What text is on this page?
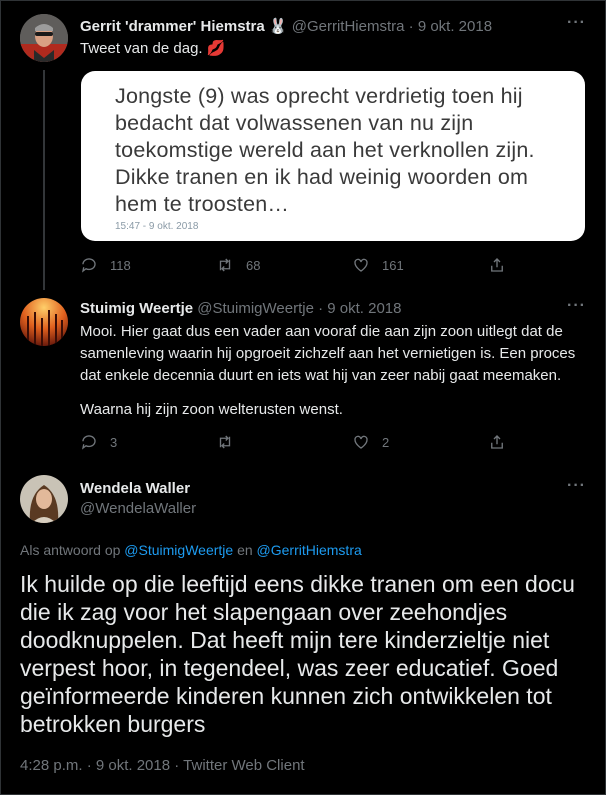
Gerrit 'drammer' Hiemstra 🐰 @GerritHiemstra · 9 okt. 2018	···
Tweet van de dag. 💋
Jongste (9) was oprecht verdrietig toen hij bedacht dat volwassenen van nu zijn toekomstige wereld aan het verknollen zijn. Dikke tranen en ik had weinig woorden om hem te troosten…
15:47 - 9 okt. 2018
118	68	161
Stuimig Weertje @StuimigWeertje · 9 okt. 2018	···
Mooi. Hier gaat dus een vader aan vooraf die aan zijn zoon uitlegt dat de samenleving waarin hij opgroeit zichzelf aan het vernietigen is. Een proces dat enkele decennia duurt en iets wat hij van zeer nabij gaat meemaken.
Waarna hij zijn zoon welterusten wenst.
3	2
Wendela Waller
@WendelaWaller
···
Als antwoord op @StuimigWeertje en @GerritHiemstra
Ik huilde op die leeftijd eens dikke tranen om een docu die ik zag voor het slapengaan over zeehondjes doodknuppelen. Dat heeft mijn tere kinderzieltje niet verpest hoor, in tegendeel, was zeer educatief. Goed geïnformeerde kinderen kunnen zich ontwikkelen tot betrokken burgers
4:28 p.m. · 9 okt. 2018 · Twitter Web Client
